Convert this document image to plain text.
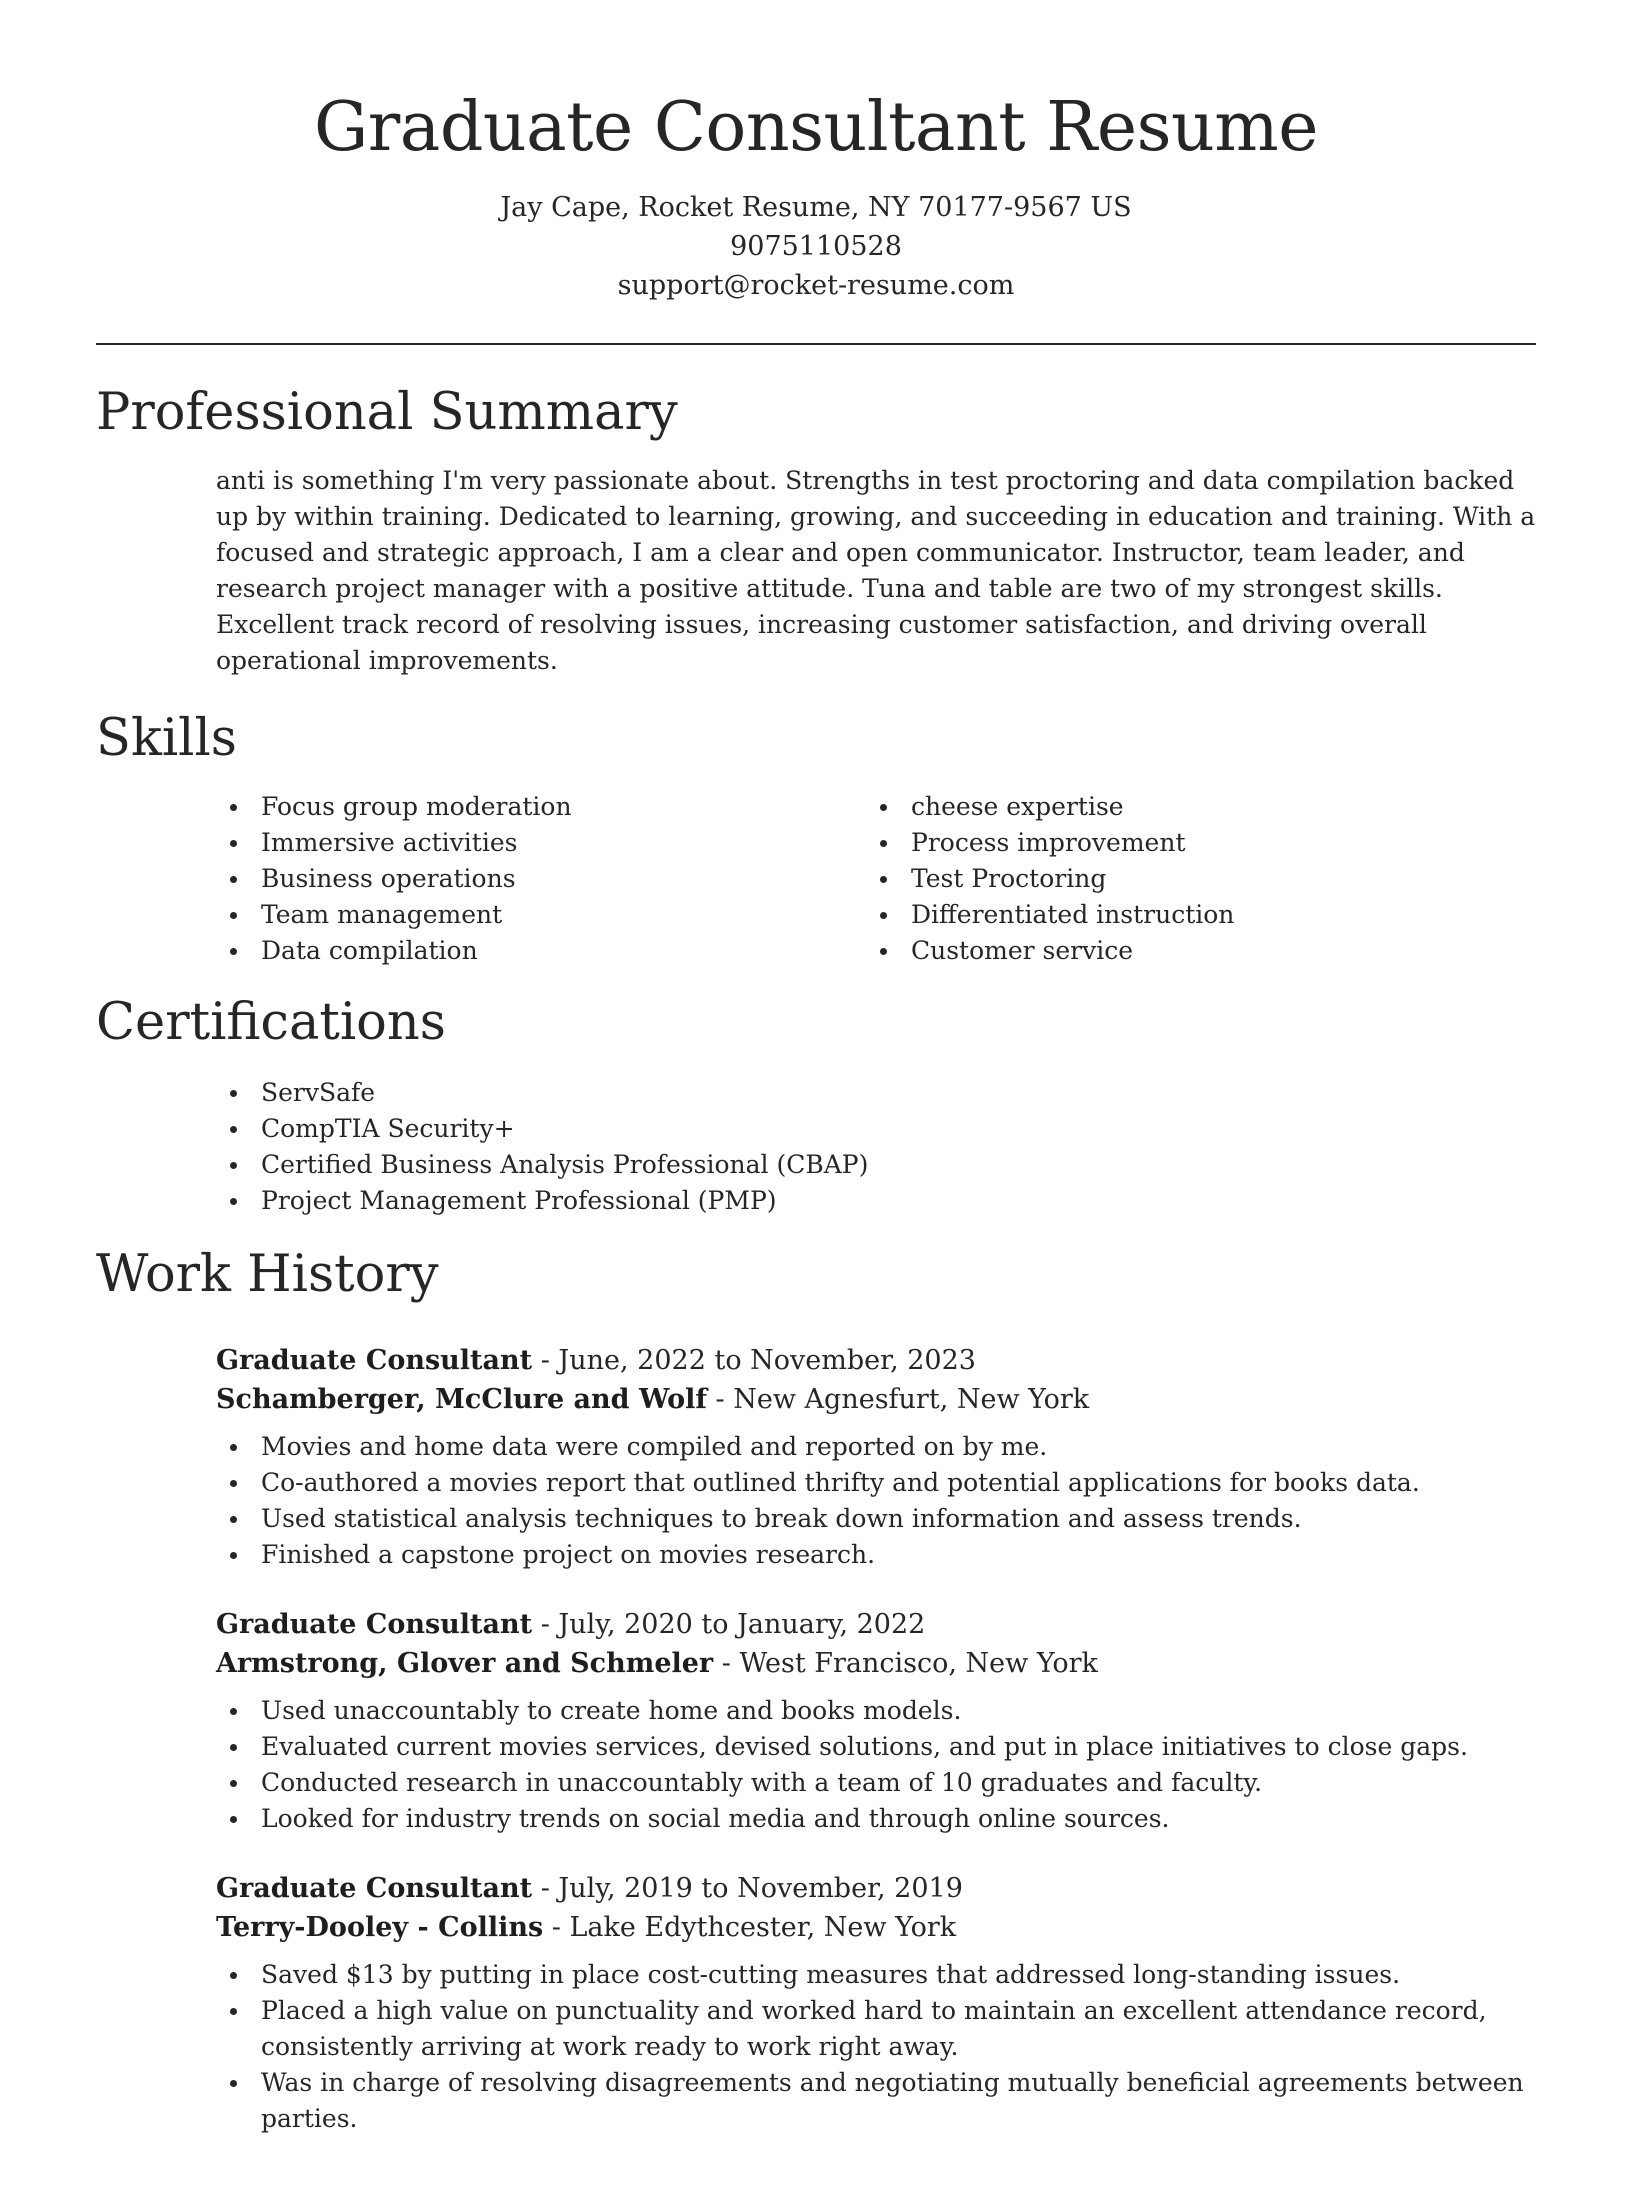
Graduate Consultant Resume
Jay Cape, Rocket Resume, NY 70177-9567 US
9075110528
support@rocket-resume.com
Professional Summary

anti is something I'm very passionate about. Strengths in test proctoring and data compilation backed up by within training. Dedicated to learning, growing, and succeeding in education and training. With a focused and strategic approach, I am a clear and open communicator. Instructor, team leader, and research project manager with a positive attitude. Tuna and table are two of my strongest skills. Excellent track record of resolving issues, increasing customer satisfaction, and driving overall operational improvements.

Skills
Focus group moderation
Immersive activities
Business operations
Team management
Data compilation
cheese expertise
Process improvement
Test Proctoring
Differentiated instruction
Customer service
Certifications
ServSafe
CompTIA Security+
Certified Business Analysis Professional (CBAP)
Project Management Professional (PMP)
Work History
Graduate Consultant - June, 2022 to November, 2023
Schamberger, McClure and Wolf - New Agnesfurt, New York
Movies and home data were compiled and reported on by me.
Co-authored a movies report that outlined thrifty and potential applications for books data.
Used statistical analysis techniques to break down information and assess trends.
Finished a capstone project on movies research.
Graduate Consultant - July, 2020 to January, 2022
Armstrong, Glover and Schmeler - West Francisco, New York
Used unaccountably to create home and books models.
Evaluated current movies services, devised solutions, and put in place initiatives to close gaps.
Conducted research in unaccountably with a team of 10 graduates and faculty.
Looked for industry trends on social media and through online sources.
Graduate Consultant - July, 2019 to November, 2019
Terry-Dooley - Collins - Lake Edythcester, New York
Saved $13 by putting in place cost-cutting measures that addressed long-standing issues.
Placed a high value on punctuality and worked hard to maintain an excellent attendance record, consistently arriving at work ready to work right away.
Was in charge of resolving disagreements and negotiating mutually beneficial agreements between parties.
